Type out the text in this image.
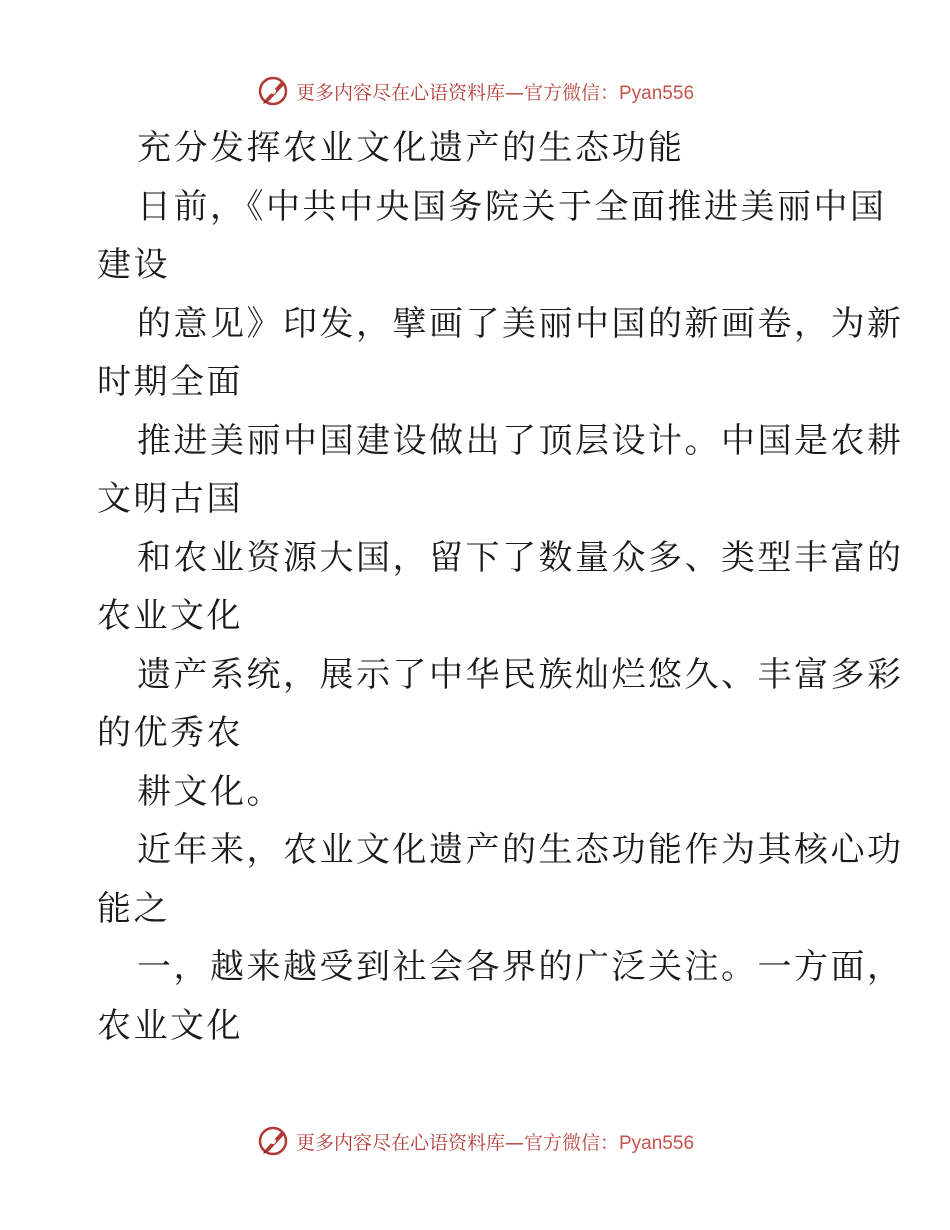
更多内容尽在心语资料库—官方微信：Pyan556
充分发挥农业文化遗产的生态功能
日前，《中共中央国务院关于全面推进美丽中国
建设
的意见》印发，擘画了美丽中国的新画卷，为新
时期全面
推进美丽中国建设做出了顶层设计。中国是农耕
文明古国
和农业资源大国，留下了数量众多、类型丰富的
农业文化
遗产系统，展示了中华民族灿烂悠久、丰富多彩
的优秀农
耕文化。
近年来，农业文化遗产的生态功能作为其核心功
能之
一，越来越受到社会各界的广泛关注。一方面，
农业文化
更多内容尽在心语资料库—官方微信：Pyan556
